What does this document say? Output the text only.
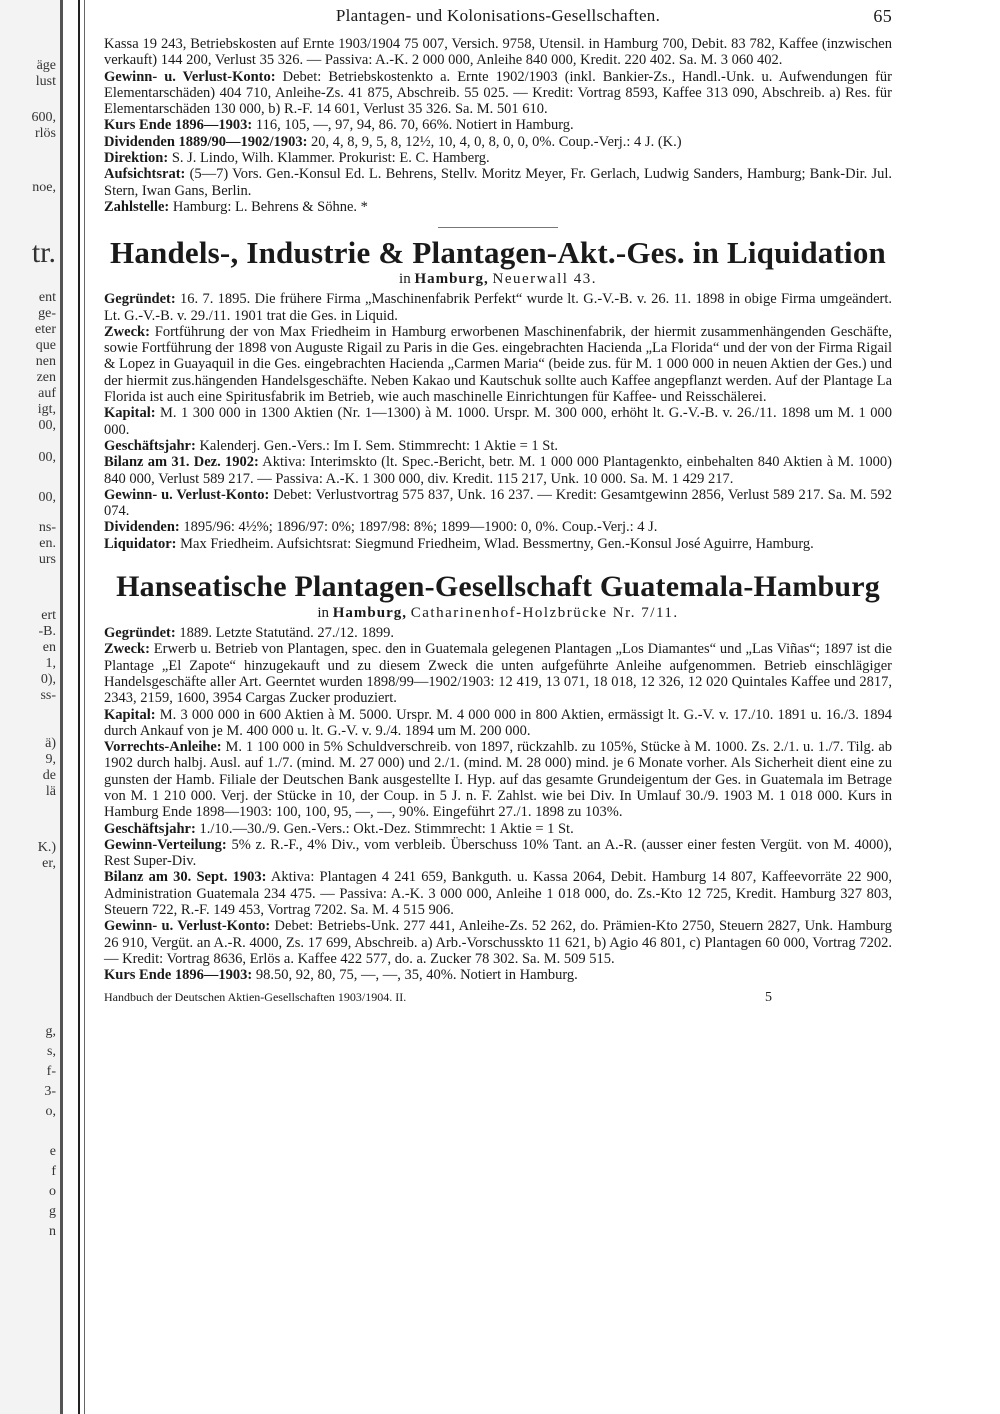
äge
lust
600,
rlös
noe,
tr.
ent
ge-
eter
que
nen
zen
auf
igt,
00,
00,
00,
ns-
en.
urs
ert
-B.
en
1,
0),
ss-
ä)
9,
de
lä
K.)
er,
g,
s,
f-
3-
o,
e
f
o
g
n
Plantagen- und Kolonisations-Gesellschaften.	65

Kassa 19 243, Betriebskosten auf Ernte 1903/1904 75 007, Versich. 9758, Utensil. in Hamburg 700, Debit. 83 782, Kaffee (inzwischen verkauft) 144 200, Verlust 35 326. — Passiva: A.-K. 2 000 000, Anleihe 840 000, Kredit. 220 402. Sa. M. 3 060 402.

Gewinn- u. Verlust-Konto: Debet: Betriebskostenkto a. Ernte 1902/1903 (inkl. Bankier-Zs., Handl.-Unk. u. Aufwendungen für Elementarschäden) 404 710, Anleihe-Zs. 41 875, Abschreib. 55 025. — Kredit: Vortrag 8593, Kaffee 313 090, Abschreib. a) Res. für Elementarschäden 130 000, b) R.-F. 14 601, Verlust 35 326. Sa. M. 501 610.

Kurs Ende 1896—1903: 116, 105, —, 97, 94, 86. 70, 66%. Notiert in Hamburg.

Dividenden 1889/90—1902/1903: 20, 4, 8, 9, 5, 8, 12½, 10, 4, 0, 8, 0, 0, 0%. Coup.-Verj.: 4 J. (K.)

Direktion: S. J. Lindo, Wilh. Klammer. Prokurist: E. C. Hamberg.

Aufsichtsrat: (5—7) Vors. Gen.-Konsul Ed. L. Behrens, Stellv. Moritz Meyer, Fr. Gerlach, Ludwig Sanders, Hamburg; Bank-Dir. Jul. Stern, Iwan Gans, Berlin.

Zahlstelle: Hamburg: L. Behrens & Söhne. *

Handels-, Industrie & Plantagen-Akt.-Ges. in Liquidation
in Hamburg, Neuerwall 43.

Gegründet: 16. 7. 1895. Die frühere Firma „Maschinenfabrik Perfekt“ wurde lt. G.-V.-B. v. 26. 11. 1898 in obige Firma umgeändert. Lt. G.-V.-B. v. 29./11. 1901 trat die Ges. in Liquid.

Zweck: Fortführung der von Max Friedheim in Hamburg erworbenen Maschinenfabrik, der hiermit zusammenhängenden Geschäfte, sowie Fortführung der 1898 von Auguste Rigail zu Paris in die Ges. eingebrachten Hacienda „La Florida“ und der von der Firma Rigail & Lopez in Guayaquil in die Ges. eingebrachten Hacienda „Carmen Maria“ (beide zus. für M. 1 000 000 in neuen Aktien der Ges.) und der hiermit zus.hängenden Handelsgeschäfte. Neben Kakao und Kautschuk sollte auch Kaffee angepflanzt werden. Auf der Plantage La Florida ist auch eine Spiritusfabrik im Betrieb, wie auch maschinelle Einrichtungen für Kaffee- und Reisschälerei.

Kapital: M. 1 300 000 in 1300 Aktien (Nr. 1—1300) à M. 1000. Urspr. M. 300 000, erhöht lt. G.-V.-B. v. 26./11. 1898 um M. 1 000 000.

Geschäftsjahr: Kalenderj. Gen.-Vers.: Im I. Sem. Stimmrecht: 1 Aktie = 1 St.

Bilanz am 31. Dez. 1902: Aktiva: Interimskto (lt. Spec.-Bericht, betr. M. 1 000 000 Plantagenkto, einbehalten 840 Aktien à M. 1000) 840 000, Verlust 589 217. — Passiva: A.-K. 1 300 000, div. Kredit. 115 217, Unk. 10 000. Sa. M. 1 429 217.

Gewinn- u. Verlust-Konto: Debet: Verlustvortrag 575 837, Unk. 16 237. — Kredit: Gesamtgewinn 2856, Verlust 589 217. Sa. M. 592 074.

Dividenden: 1895/96: 4½%; 1896/97: 0%; 1897/98: 8%; 1899—1900: 0, 0%. Coup.-Verj.: 4 J.

Liquidator: Max Friedheim. Aufsichtsrat: Siegmund Friedheim, Wlad. Bessmertny, Gen.-Konsul José Aguirre, Hamburg.

Hanseatische Plantagen-Gesellschaft Guatemala-Hamburg
in Hamburg, Catharinenhof-Holzbrücke Nr. 7/11.

Gegründet: 1889. Letzte Statutänd. 27./12. 1899.

Zweck: Erwerb u. Betrieb von Plantagen, spec. den in Guatemala gelegenen Plantagen „Los Diamantes“ und „Las Viñas“; 1897 ist die Plantage „El Zapote“ hinzugekauft und zu diesem Zweck die unten aufgeführte Anleihe aufgenommen. Betrieb einschlägiger Handelsgeschäfte aller Art. Geerntet wurden 1898/99—1902/1903: 12 419, 13 071, 18 018, 12 326, 12 020 Quintales Kaffee und 2817, 2343, 2159, 1600, 3954 Cargas Zucker produziert.

Kapital: M. 3 000 000 in 600 Aktien à M. 5000. Urspr. M. 4 000 000 in 800 Aktien, ermässigt lt. G.-V. v. 17./10. 1891 u. 16./3. 1894 durch Ankauf von je M. 400 000 u. lt. G.-V. v. 9./4. 1894 um M. 200 000.

Vorrechts-Anleihe: M. 1 100 000 in 5% Schuldverschreib. von 1897, rückzahlb. zu 105%, Stücke à M. 1000. Zs. 2./1. u. 1./7. Tilg. ab 1902 durch halbj. Ausl. auf 1./7. (mind. M. 27 000) und 2./1. (mind. M. 28 000) mind. je 6 Monate vorher. Als Sicherheit dient eine zu gunsten der Hamb. Filiale der Deutschen Bank ausgestellte I. Hyp. auf das gesamte Grundeigentum der Ges. in Guatemala im Betrage von M. 1 210 000. Verj. der Stücke in 10, der Coup. in 5 J. n. F. Zahlst. wie bei Div. In Umlauf 30./9. 1903 M. 1 018 000. Kurs in Hamburg Ende 1898—1903: 100, 100, 95, —, —, 90%. Eingeführt 27./1. 1898 zu 103%.

Geschäftsjahr: 1./10.—30./9. Gen.-Vers.: Okt.-Dez. Stimmrecht: 1 Aktie = 1 St.

Gewinn-Verteilung: 5% z. R.-F., 4% Div., vom verbleib. Überschuss 10% Tant. an A.-R. (ausser einer festen Vergüt. von M. 4000), Rest Super-Div.

Bilanz am 30. Sept. 1903: Aktiva: Plantagen 4 241 659, Bankguth. u. Kassa 2064, Debit. Hamburg 14 807, Kaffeevorräte 22 900, Administration Guatemala 234 475. — Passiva: A.-K. 3 000 000, Anleihe 1 018 000, do. Zs.-Kto 12 725, Kredit. Hamburg 327 803, Steuern 722, R.-F. 149 453, Vortrag 7202. Sa. M. 4 515 906.

Gewinn- u. Verlust-Konto: Debet: Betriebs-Unk. 277 441, Anleihe-Zs. 52 262, do. Prämien-Kto 2750, Steuern 2827, Unk. Hamburg 26 910, Vergüt. an A.-R. 4000, Zs. 17 699, Abschreib. a) Arb.-Vorschusskto 11 621, b) Agio 46 801, c) Plantagen 60 000, Vortrag 7202. — Kredit: Vortrag 8636, Erlös a. Kaffee 422 577, do. a. Zucker 78 302. Sa. M. 509 515.

Kurs Ende 1896—1903: 98.50, 92, 80, 75, —, —, 35, 40%. Notiert in Hamburg.

Handbuch der Deutschen Aktien-Gesellschaften 1903/1904. II.	5
